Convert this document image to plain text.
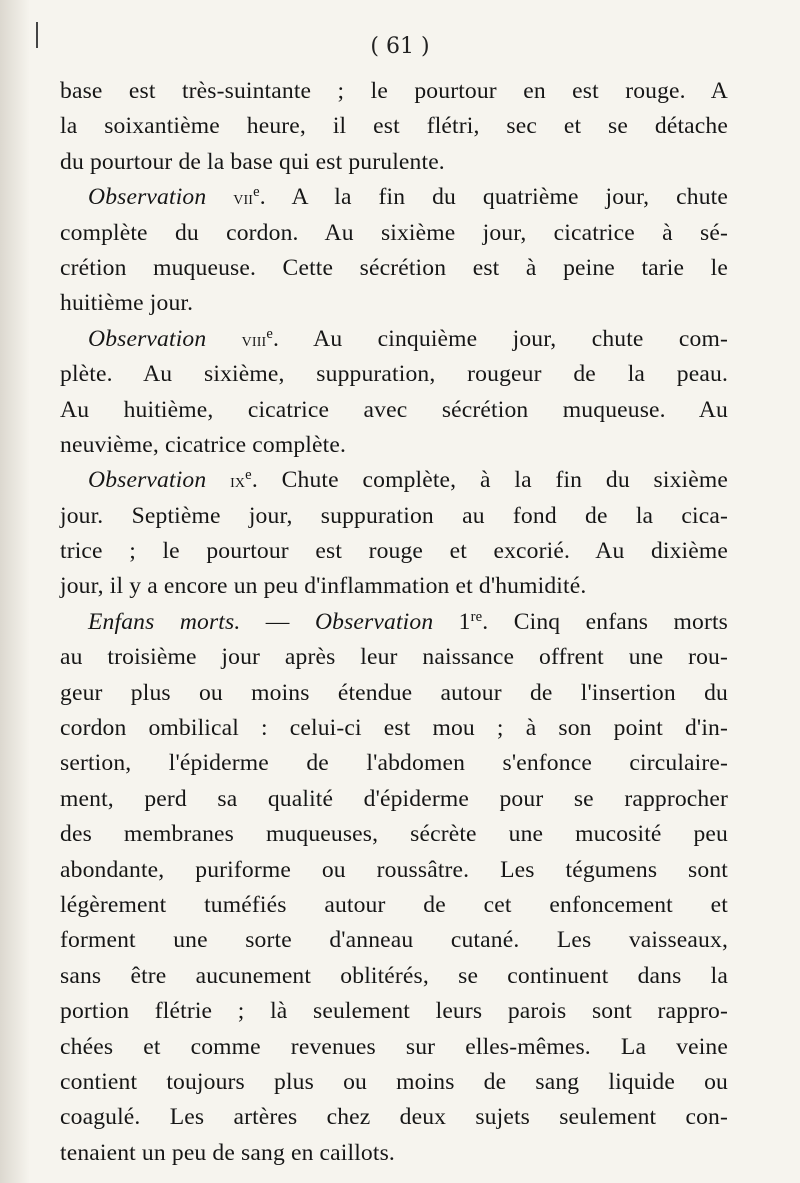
( 61 )
base est très-suintante ; le pourtour en est rouge. A
la soixantième heure, il est flétri, sec et se détache
du pourtour de la base qui est purulente.
Observation vii$^e$. A la fin du quatrième jour, chute
complète du cordon. Au sixième jour, cicatrice à sé-
crétion muqueuse. Cette sécrétion est à peine tarie le
huitième jour.
Observation viii$^e$. Au cinquième jour, chute com-
plète. Au sixième, suppuration, rougeur de la peau.
Au huitième, cicatrice avec sécrétion muqueuse. Au
neuvième, cicatrice complète.
Observation $ix^e$. Chute complète, à la fin du sixième
jour. Septième jour, suppuration au fond de la cica-
trice ; le pourtour est rouge et excorié. Au dixième
jour, il y a encore un peu d'inflammation et d'humidité.
Enfans morts. — Observation 1re. Cinq enfans morts
au troisième jour après leur naissance offrent une rou-
geur plus ou moins étendue autour de l'insertion du
cordon ombilical : celui-ci est mou ; à son point d'in-
sertion, l'épiderme de l'abdomen s'enfonce circulaire-
ment, perd sa qualité d'épiderme pour se rapprocher
des membranes muqueuses, sécrète une mucosité peu
abondante, puriforme ou roussâtre. Les tégumens sont
légèrement tuméfiés autour de cet enfoncement et
forment une sorte d'anneau cutané. Les vaisseaux,
sans être aucunement oblitérés, se continuent dans la
portion flétrie ; là seulement leurs parois sont rappro-
chées et comme revenues sur elles-mêmes. La veine
contient toujours plus ou moins de sang liquide ou
coagulé. Les artères chez deux sujets seulement con-
tenaient un peu de sang en caillots.
